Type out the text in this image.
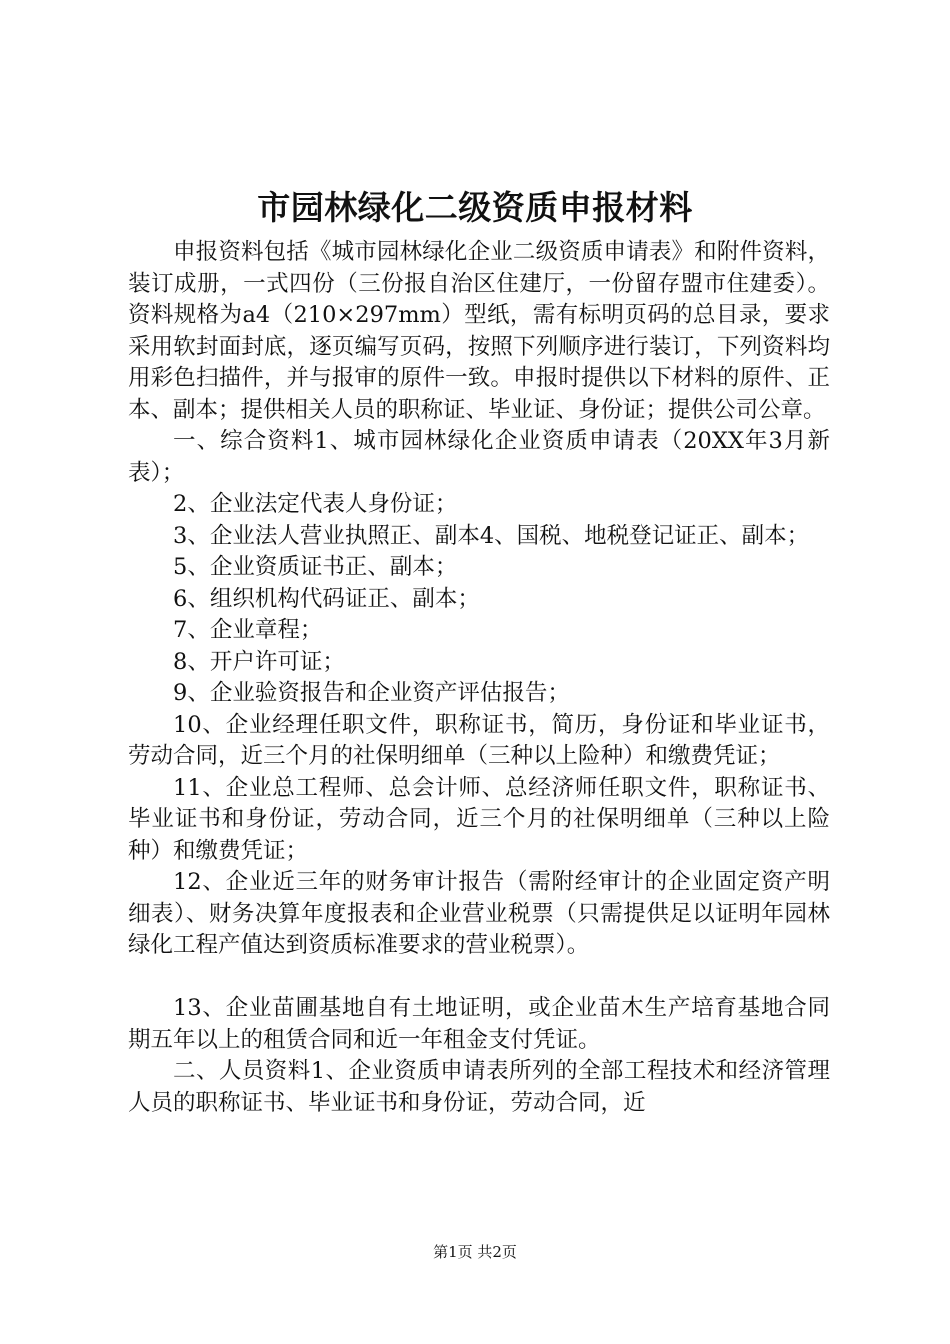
市园林绿化二级资质申报材料

申报资料包括《城市园林绿化企业二级资质申请表》和附件资料，装订成册，一式四份（三份报自治区住建厅，一份留存盟市住建委）。资料规格为a4（210×297mm）型纸，需有标明页码的总目录，要求采用软封面封底，逐页编写页码，按照下列顺序进行装订，下列资料均用彩色扫描件，并与报审的原件一致。申报时提供以下材料的原件、正本、副本；提供相关人员的职称证、毕业证、身份证；提供公司公章。

一、综合资料1、城市园林绿化企业资质申请表（20XX年3月新表）；

2、企业法定代表人身份证；

3、企业法人营业执照正、副本4、国税、地税登记证正、副本；

5、企业资质证书正、副本；

6、组织机构代码证正、副本；

7、企业章程；

8、开户许可证；

9、企业验资报告和企业资产评估报告；

10、企业经理任职文件，职称证书，简历，身份证和毕业证书，劳动合同，近三个月的社保明细单（三种以上险种）和缴费凭证；

11、企业总工程师、总会计师、总经济师任职文件，职称证书、毕业证书和身份证，劳动合同，近三个月的社保明细单（三种以上险种）和缴费凭证；

12、企业近三年的财务审计报告（需附经审计的企业固定资产明细表）、财务决算年度报表和企业营业税票（只需提供足以证明年园林绿化工程产值达到资质标准要求的营业税票）。

13、企业苗圃基地自有土地证明，或企业苗木生产培育基地合同期五年以上的租赁合同和近一年租金支付凭证。

二、人员资料1、企业资质申请表所列的全部工程技术和经济管理人员的职称证书、毕业证书和身份证，劳动合同，近

第1页 共2页
